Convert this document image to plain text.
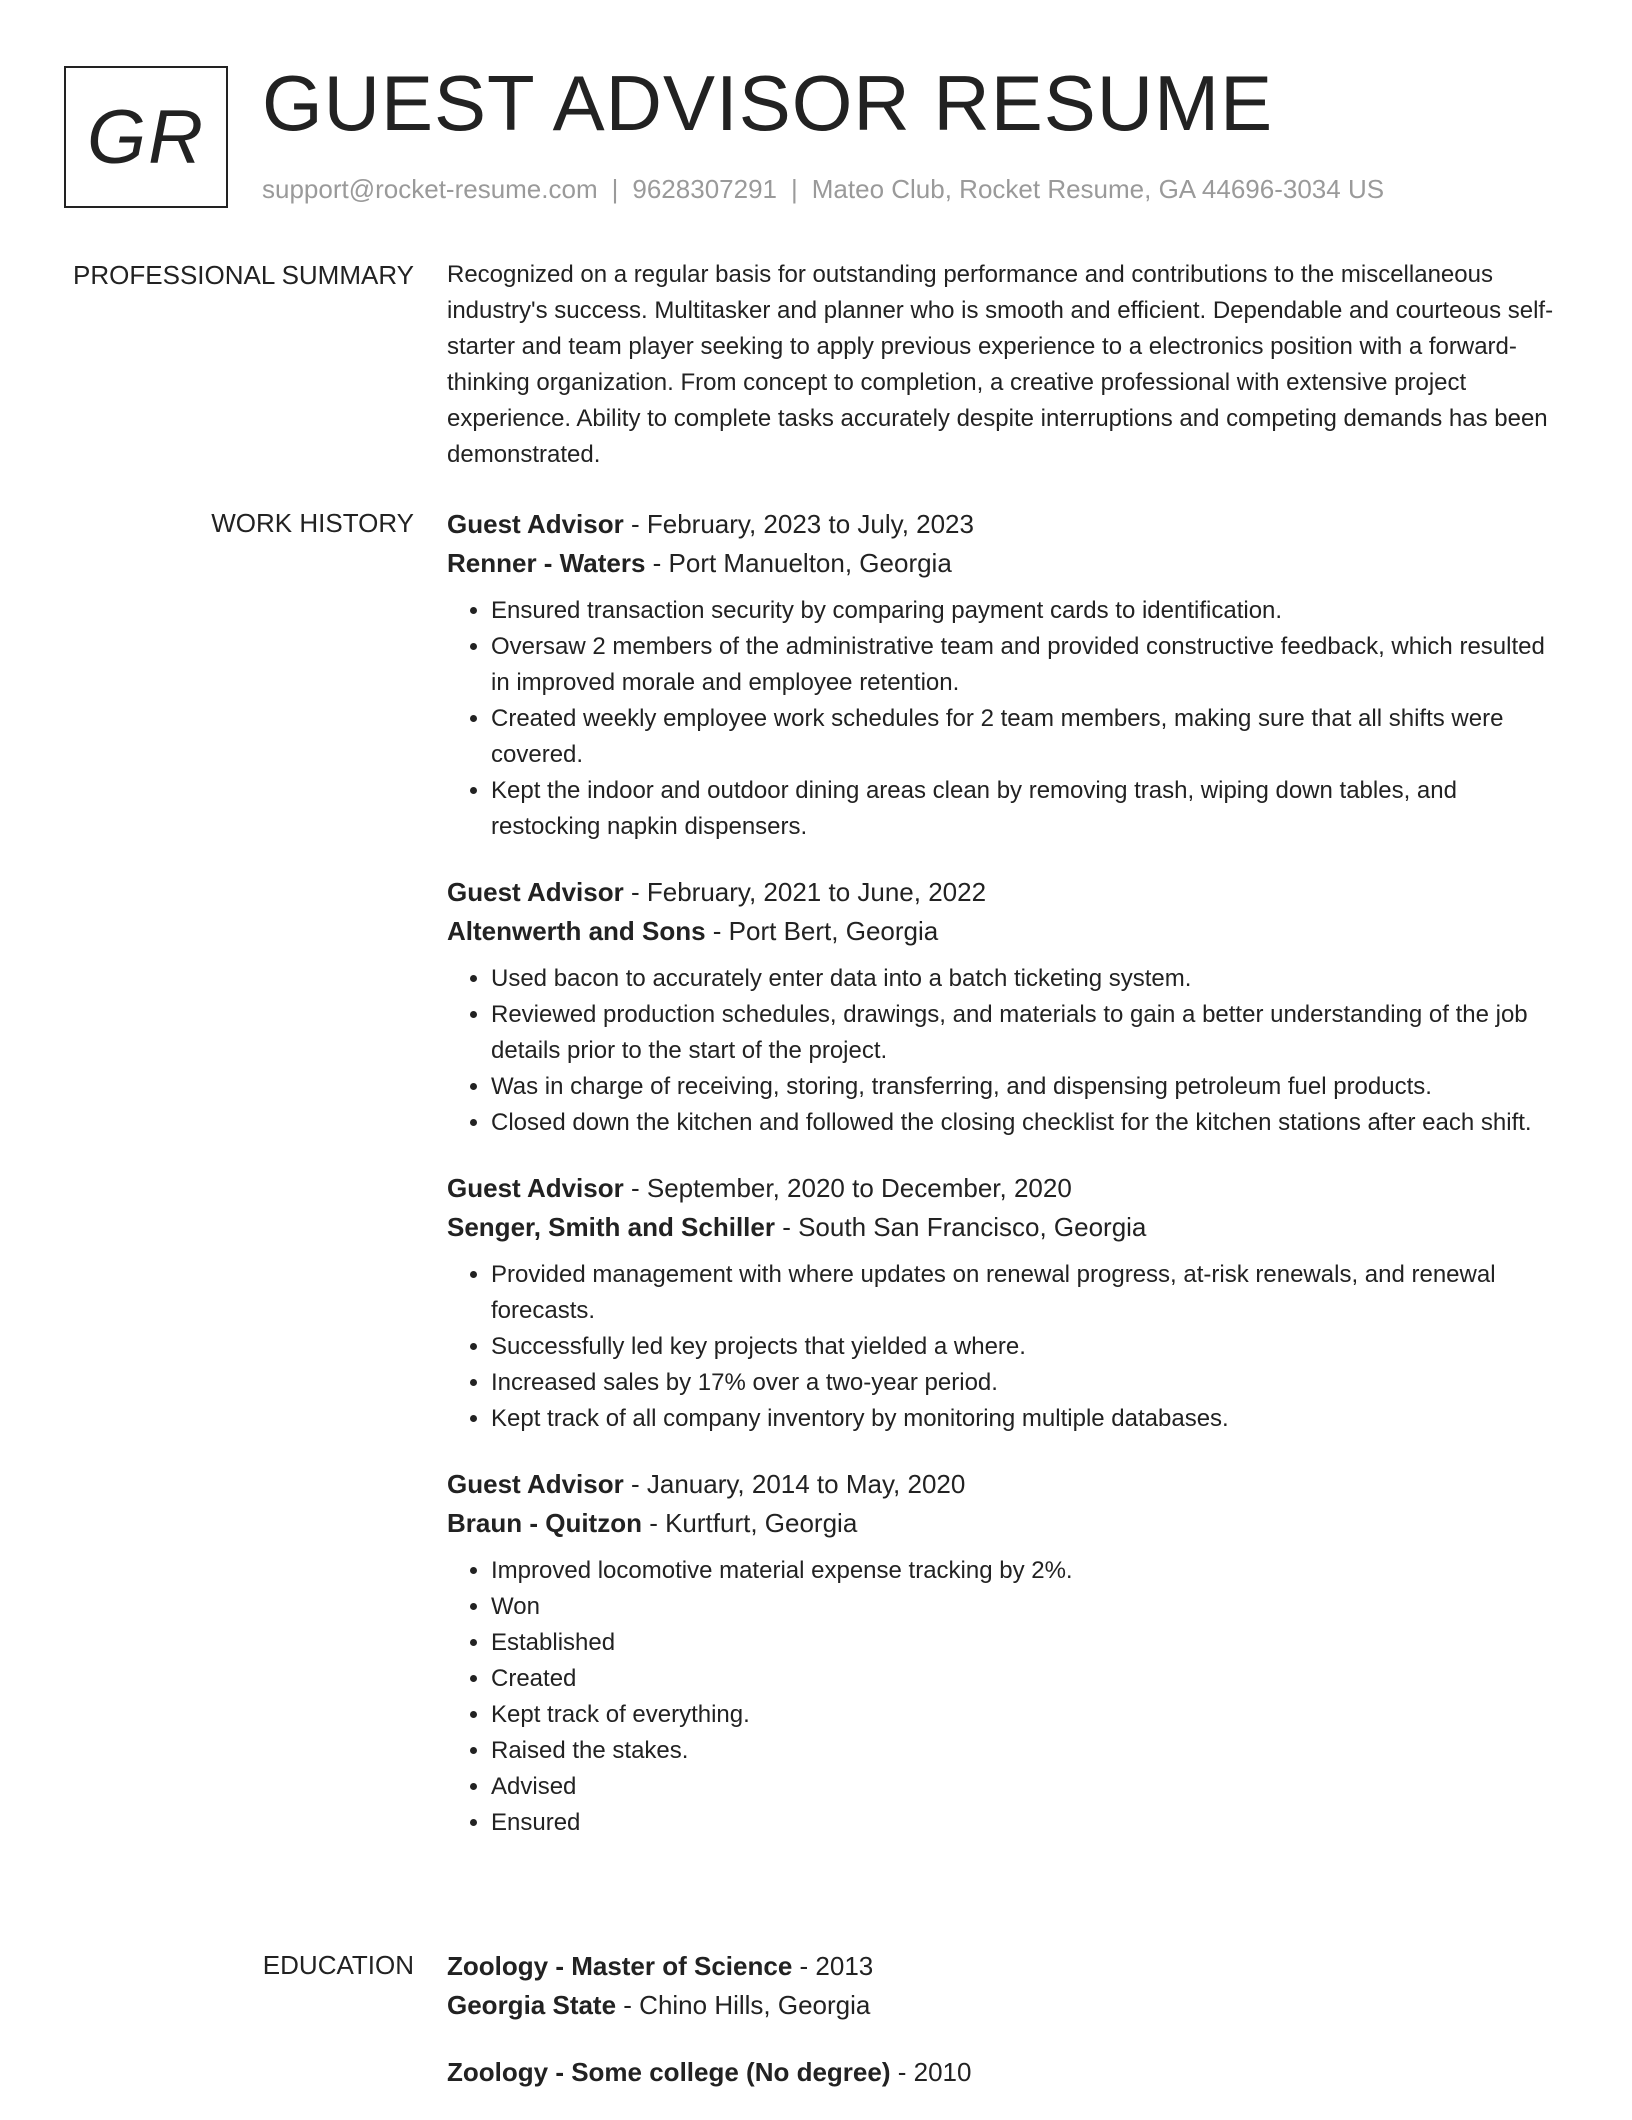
GR GUEST ADVISOR RESUME
support@rocket-resume.com | 9628307291 | Mateo Club, Rocket Resume, GA 44696-3034 US
PROFESSIONAL SUMMARY Recognized on a regular basis for outstanding performance and contributions to the miscellaneous industry's success. Multitasker and planner who is smooth and efficient. Dependable and courteous self-starter and team player seeking to apply previous experience to a electronics position with a forward-thinking organization. From concept to completion, a creative professional with extensive project experience. Ability to complete tasks accurately despite interruptions and competing demands has been demonstrated.

WORK HISTORY Guest Advisor - February, 2023 to July, 2023
Renner - Waters - Port Manuelton, Georgia
• Ensured transaction security by comparing payment cards to identification.
• Oversaw 2 members of the administrative team and provided constructive feedback, which resulted in improved morale and employee retention.
• Created weekly employee work schedules for 2 team members, making sure that all shifts were covered.
• Kept the indoor and outdoor dining areas clean by removing trash, wiping down tables, and restocking napkin dispensers.
Guest Advisor - February, 2021 to June, 2022
Altenwerth and Sons - Port Bert, Georgia
• Used bacon to accurately enter data into a batch ticketing system.
• Reviewed production schedules, drawings, and materials to gain a better understanding of the job details prior to the start of the project.
• Was in charge of receiving, storing, transferring, and dispensing petroleum fuel products.
• Closed down the kitchen and followed the closing checklist for the kitchen stations after each shift.
Guest Advisor - September, 2020 to December, 2020
Senger, Smith and Schiller - South San Francisco, Georgia
• Provided management with where updates on renewal progress, at-risk renewals, and renewal forecasts.
• Successfully led key projects that yielded a where.
• Increased sales by 17% over a two-year period.
• Kept track of all company inventory by monitoring multiple databases.
Guest Advisor - January, 2014 to May, 2020
Braun - Quitzon - Kurtfurt, Georgia
• Improved locomotive material expense tracking by 2%.
• Won
• Established
• Created
• Kept track of everything.
• Raised the stakes.
• Advised
• Ensured
EDUCATION Zoology - Master of Science - 2013
Georgia State - Chino Hills, Georgia
Zoology - Some college (No degree) - 2010
